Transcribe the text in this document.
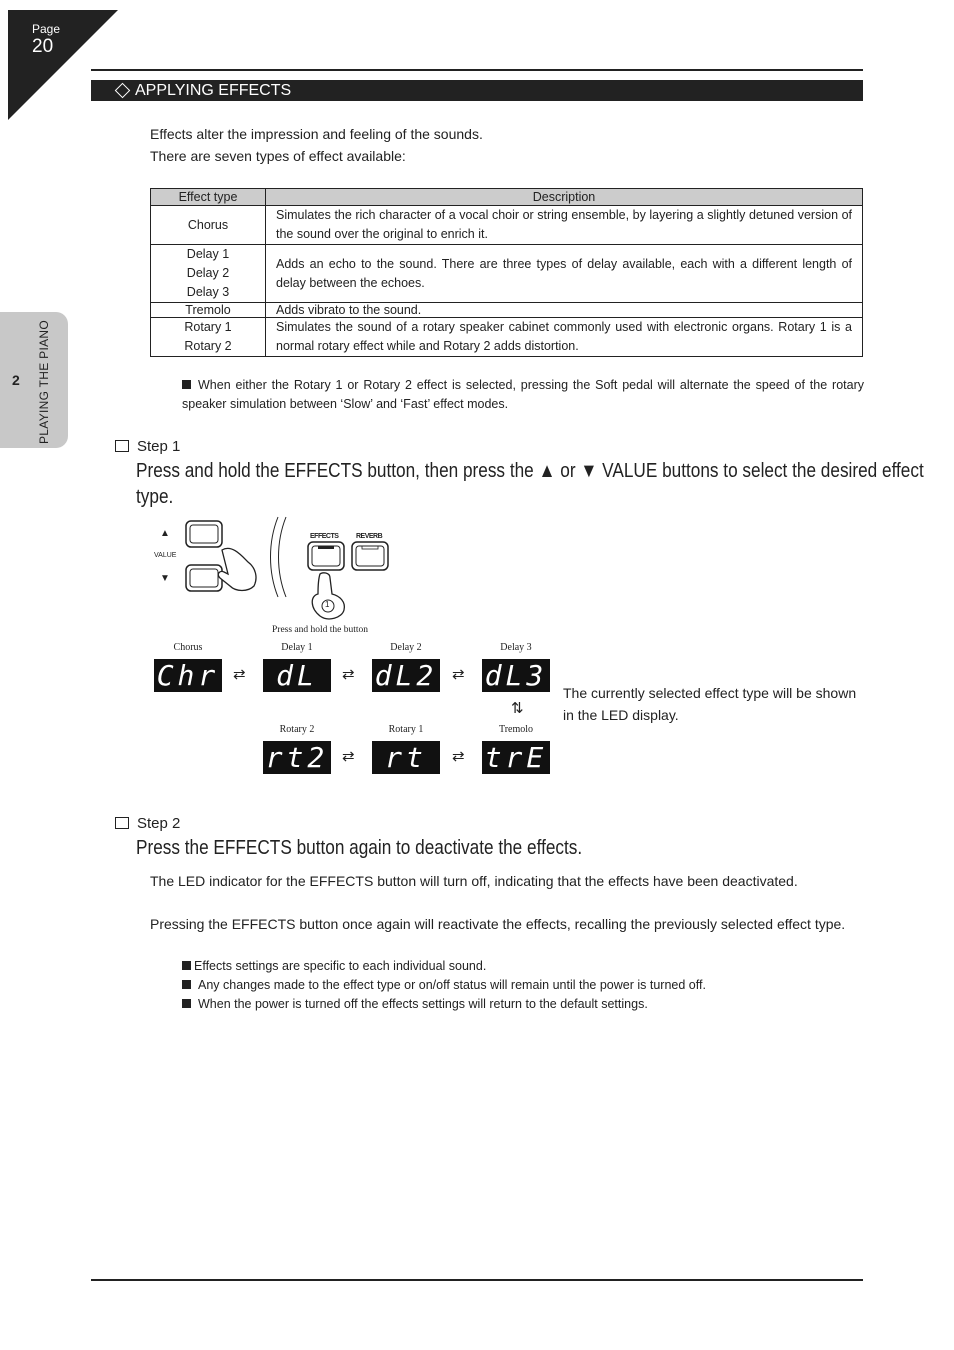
Page
20
2 PLAYING THE PIANO
APPLYING EFFECTS
Effects alter the impression and feeling of the sounds.
There are seven types of effect available:
Effect type	Description

Chorus	Simulates the rich character of a vocal choir or string ensemble, by layering a slightly detuned version of the sound over the original to enrich it.

Delay 1
Delay 2
Delay 3	Adds an echo to the sound. There are three types of delay available, each with a different length of delay between the echoes.

Tremolo	Adds vibrato to the sound.

Rotary 1
Rotary 2	Simulates the sound of a rotary speaker cabinet commonly used with electronic organs. Rotary 1 is a normal rotary effect while and Rotary 2 adds distortion.
When either the Rotary 1 or Rotary 2 effect is selected, pressing the Soft pedal will alternate the speed of the rotary speaker simulation between ‘Slow’ and ‘Fast’ effect modes.
Step 1
Press and hold the EFFECTS button, then press the ▲ or ▼ VALUE buttons to select the desired effect
type.
▲
VALUE
▼
EFFECTS	REVERB
1
Press and hold the button
Chorus
Chr ⇄
Delay 1
dL 1
⇄
Delay 2
dL2 ⇄
Delay 3
dL3
⇅
Rotary 2
rt2 ⇄
Rotary 1
rt 1
⇄
Tremolo
trE
The currently selected effect type will be shown
in the LED display.
Step 2
Press the EFFECTS button again to deactivate the effects.
The LED indicator for the EFFECTS button will turn off, indicating that the effects have been deactivated.
Pressing the EFFECTS button once again will reactivate the effects, recalling the previously selected effect type.
Effects settings are specific to each individual sound.
Any changes made to the effect type or on/off status will remain until the power is turned off.
When the power is turned off the effects settings will return to the default settings.
